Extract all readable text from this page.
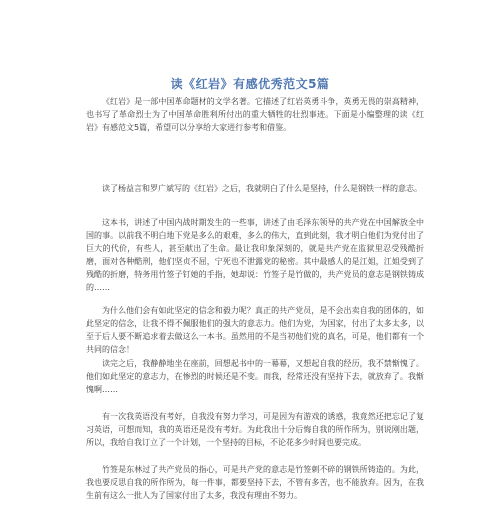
读《红岩》有感优秀范文5篇

《红岩》是一部中国革命题材的文学名著。它描述了红岩英勇斗争，英勇无畏的崇高精神，也书写了革命烈士为了中国革命胜利所付出的重大牺牲的壮烈事迹。下面是小编整理的读《红岩》有感范文5篇，希望可以分享给大家进行参考和借鉴。

读了杨益言和罗广斌写的《红岩》之后，我就明白了什么是坚持，什么是钢铁一样的意志。

这本书，讲述了中国内战时期发生的一些事，讲述了由毛泽东领导的共产党在中国解放全中国的事。以前我不明白地下党是多么的艰难，多么的伟大，直到此刻，我才明白他们为党付出了巨大的代价，有些人，甚至献出了生命。最让我印象深刻的，就是共产党在监狱里忍受残酷折磨，面对各种酷刑，他们坚贞不屈，宁死也不泄露党的秘密。其中最感人的是江姐，江姐受到了残酷的折磨，特务用竹签子钉她的手指，她却说：竹签子是竹做的，共产党员的意志是钢铁铸成的……

为什么他们会有如此坚定的信念和毅力呢？真正的共产党员，是不会出卖自我的团体的，如此坚定的信念，让我不得不佩服他们的强大的意志力。他们为党，为国家，付出了太多太多，以至于后人要不断追求着去做这么一本书。虽然用的不是当初他们党的真名，可是，他们都有一个共同的信念！

读完之后，我静静地坐在座前，回想起书中的一幕幕，又想起自我的经历，我不禁惭愧了。他们如此坚定的意志力，在惨烈的时候还是不变。而我，经常还没有坚持下去，就放弃了。我惭愧啊……

有一次我英语没有考好，自我没有努力学习，可是因为有游戏的诱惑，我竟然还把忘记了复习英语，可想而知，我的英语还是没有考好。为此我出十分后悔自我的所作所为，别说刚出题，所以，我给自我订立了一个计划，一个坚持的目标，不论花多少时间也要完成。

竹签是东林过了共产党员的指心，可是共产党的意志是竹签刺不碎的钢铁所铸造的。为此，我也要反思自我的所作所为，每一件事，都要坚持下去，不管有多苦，也不能放弃。因为，在我生前有这么一批人为了国家付出了太多，我没有理由不努力。
